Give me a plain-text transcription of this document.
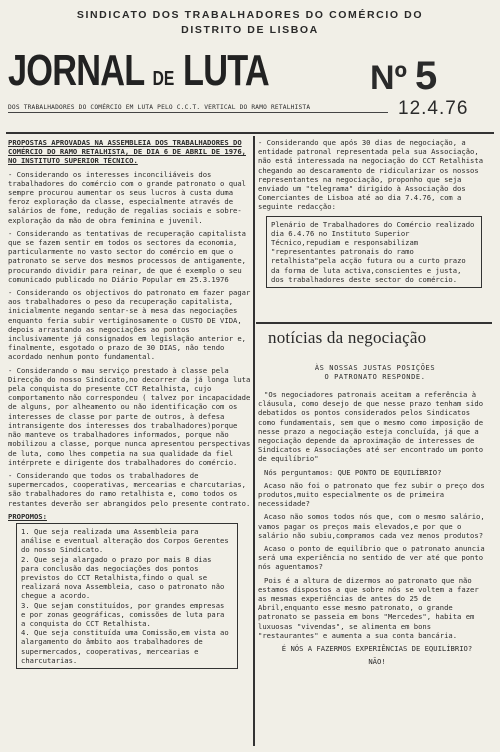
SINDICATO DOS TRABALHADORES DO COMÉRCIO DO
DISTRITO DE LISBOA
JORNAL DE LUTA	Nº 5
12.4.76
DOS TRABALHADORES DO COMÉRCIO EM LUTA PELO C.C.T. VERTICAL DO RAMO RETALHISTA

PROPOSTAS APROVADAS NA ASSEMBLEIA DOS TRABALHADORES DO COMÉRCIO DO RAMO RETALHISTA, DE DIA 6 DE ABRIL DE 1976, NO INSTITUTO SUPERIOR TÉCNICO.

- Considerando os interesses inconciliáveis dos trabalhadores do comércio com o grande patronato o qual sempre procurou aumentar os seus lucros à custa duma feroz exploração da classe, especialmente através de salários de fome, redução de regalias sociais e sobre-exploração da mão de obra feminina e juvenil.

- Considerando as tentativas de recuperação capitalista que se fazem sentir em todos os sectores da economia, particularmente no vasto sector do comércio em que o patronato se serve dos mesmos processos de antigamente, procurando dividir para reinar, de que é exemplo o seu comunicado publicado no Diário Popular em 25.3.1976

- Considerando os objectivos do patronato em fazer pagar aos trabalhadores o peso da recuperação capitalista, inicialmente negando sentar-se à mesa das negociações enquanto feria subir vertiginosamente o CUSTO DE VIDA, depois arrastando as negociações ao pontos inclusivamente já consignados em legislação anterior e, finalmente, esgotado o prazo de 30 DIAS, não tendo acordado nenhum ponto fundamental.

- Considerando o mau serviço prestado à classe pela Direcção do nosso Sindicato,no decorrer da já longa luta pela conquista do presente CCT Retalhista, cujo comportamento não correspondeu ( talvez por incapacidade de alguns, por alheamento ou não identificação com os interesses de classe por parte de outros, à defesa intransigente dos interesses dos trabalhadores)porque não manteve os trabalhadores informados, porque não mobilizou a classe, porque nunca apresentou perspectivas de luta, como lhes competia na sua qualidade da fiel intérprete e dirigente dos trabalhadores do comércio.

- Considerando que todos os trabalhadores de supermercados, cooperativas, mercearias e charcutarias, são trabalhadores do ramo retalhista e, como todos os restantes deverão ser abrangidos pelo presente contrato.

PROPOMOS:

1. Que seja realizada uma Assembleia para análise e eventual alteração dos Corpos Gerentes do nosso Sindicato.

2. Que seja alargado o prazo por mais 8 dias para conclusão das negociações dos pontos previstos do CCT Retalhista,findo o qual se realizará nova Assembleia, caso o patronato não chegue a acordo.

3. Que sejam constituídos, por grandes empresas e por zonas geográficas, comissões de luta para a conquista do CCT Retalhista.

4. Que seja constituída uma Comissão,em vista ao alargamento do âmbito aos trabalhadores de supermercados, cooperativas, mercearias e charcutarias.

- Considerando que após 30 dias de negociação, a entidade patronal representada pela sua Associação, não está interessada na negociação do CCT Retalhista chegando ao descaramento de ridicularizar os nossos representantes na negociação, proponho que seja enviado um "telegrama" dirigido à Associação dos Comerciantes de Lisboa até ao dia 7.4.76, com a seguinte redacção:

Plenário de Trabalhadores do Comércio realizado dia 6.4.76 no Instituto Superior Técnico,repudiam e responsabilizam "representantes patronais do ramo retalhista"pela acção futura ou a curto prazo da forma de luta activa,conscientes e justa, dos trabalhadores deste sector do comércio.

notícias da negociação
ÀS NOSSAS JUSTAS POSIÇÕES
O PATRONATO RESPONDE.

"Os negociadores patronais aceitam a referência à cláusula, como desejo de que nesse prazo tenham sido debatidos os pontos considerados pelos Sindicatos como fundamentais, sem que o mesmo como imposição de nesse prazo a negociação esteja concluída, já que a negociação depende da aproximação de interesses de Sindicatos e Associações até ser encontrado um ponto de equilíbrio"

Nós perguntamos: QUE PONTO DE EQUILÍBRIO?

Acaso não foi o patronato que fez subir o preço dos produtos,muito especialmente os de primeira necessidade?

Acaso não somos todos nós que, com o mesmo salário, vamos pagar os preços mais elevados,e por que o salário não subiu,compramos cada vez menos produtos?

Acaso o ponto de equilíbrio que o patronato anuncia será uma experiência no sentido de ver até que ponto nós aguentamos?

Pois é a altura de dizermos ao patronato que não estamos dispostos a que sobre nós se voltem a fazer as mesmas experiências de antes do 25 de Abril,enquanto esse mesmo patronato, o grande patronato se passeia em bons "Mercedes", habita em luxuosas "vivendas", se alimenta em bons "restaurantes" e aumenta a sua conta bancária.

É NÓS A FAZERMOS EXPERIÊNCIAS DE EQUILÍBRIO?

NÃO!
